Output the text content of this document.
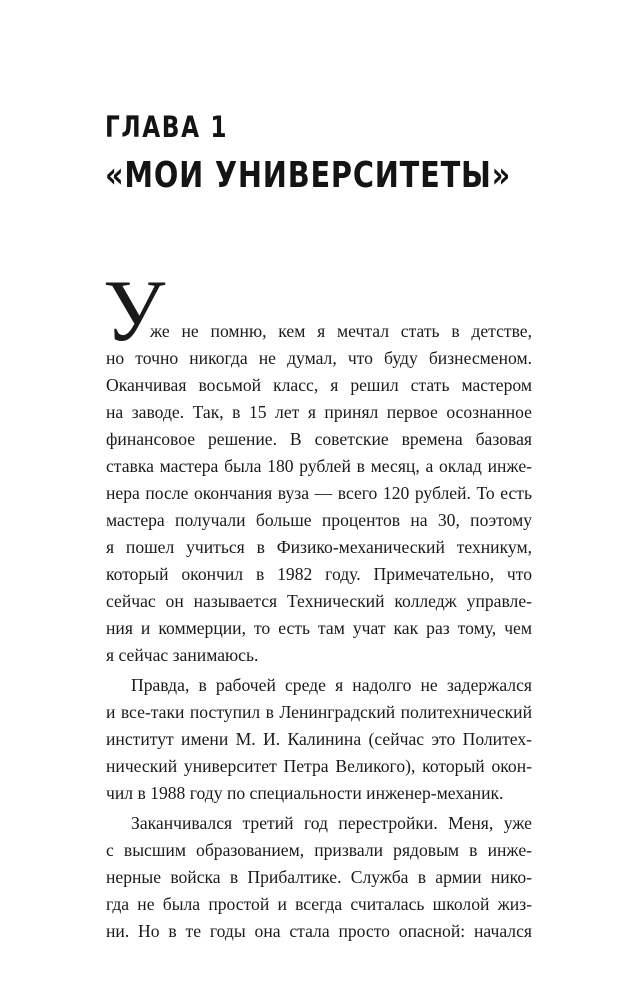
ГЛАВА 1
«МОИ УНИВЕРСИТЕТЫ»
У
же не помню, кем я мечтал стать в детстве,
но точно никогда не думал, что буду бизнесменом.
Оканчивая восьмой класс, я решил стать мастером
на заводе. Так, в 15 лет я принял первое осознанное
финансовое решение. В советские времена базовая
ставка мастера была 180 рублей в месяц, а оклад инже-
нера после окончания вуза — всего 120 рублей. То есть
мастера получали больше процентов на 30, поэтому
я пошел учиться в Физико-механический техникум,
который окончил в 1982 году. Примечательно, что
сейчас он называется Технический колледж управле-
ния и коммерции, то есть там учат как раз тому, чем
я сейчас занимаюсь.
Правда, в рабочей среде я надолго не задержался
и все-таки поступил в Ленинградский политехнический
институт имени М. И. Калинина (сейчас это Политех-
нический университет Петра Великого), который окон-
чил в 1988 году по специальности инженер-механик.
Заканчивался третий год перестройки. Меня, уже
с высшим образованием, призвали рядовым в инже-
нерные войска в Прибалтике. Служба в армии нико-
гда не была простой и всегда считалась школой жиз-
ни. Но в те годы она стала просто опасной: начался
